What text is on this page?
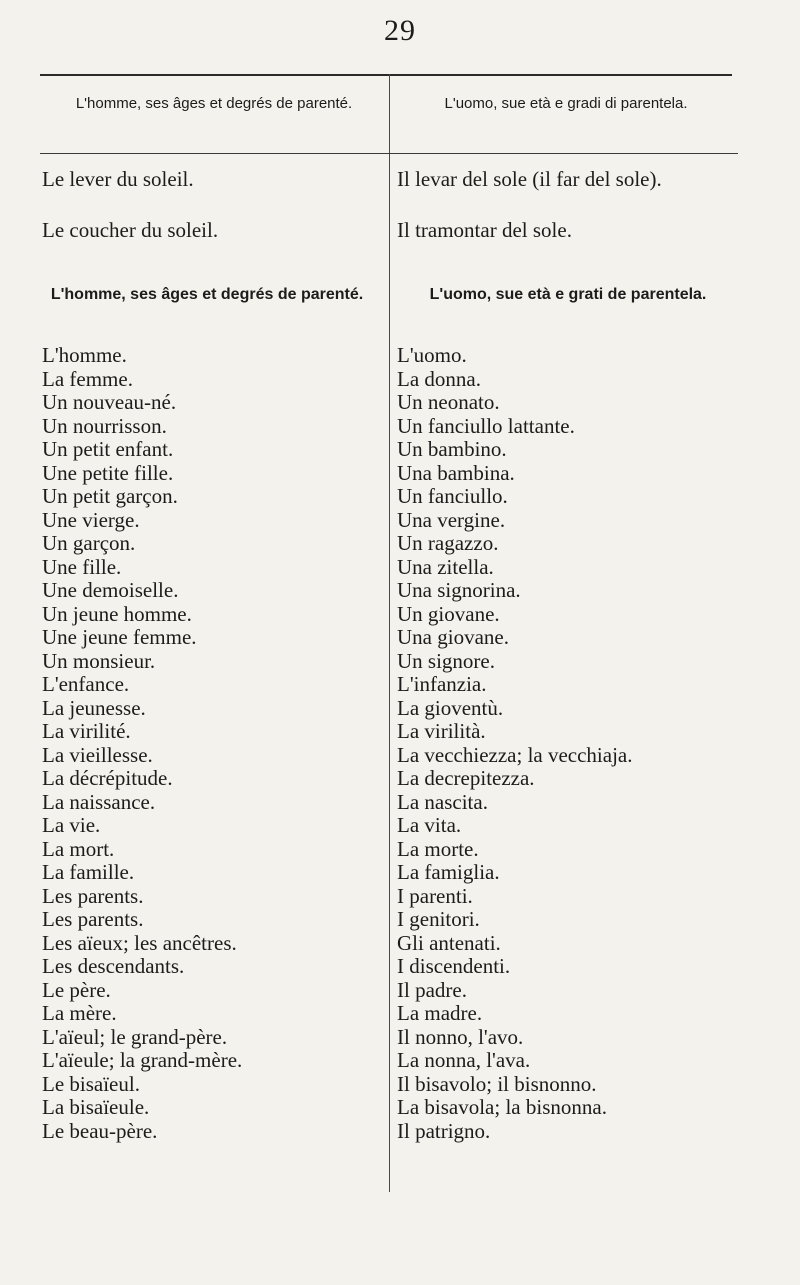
29
L'homme, ses âges et degrés de parenté.	L'uomo, sue età e gradi di parentela.
Le lever du soleil.
Le coucher du soleil.
Il levar del sole (il far del sole).
Il tramontar del sole.
L'homme, ses âges et degrés de parenté.	L'uomo, sue età e grati de parentela.
L'homme.
La femme.
Un nouveau-né.
Un nourrisson.
Un petit enfant.
Une petite fille.
Un petit garçon.
Une vierge.
Un garçon.
Une fille.
Une demoiselle.
Un jeune homme.
Une jeune femme.
Un monsieur.
L'enfance.
La jeunesse.
La virilité.
La vieillesse.
La décrépitude.
La naissance.
La vie.
La mort.
La famille.
Les parents.
Les parents.
Les aïeux; les ancêtres.
Les descendants.
Le père.
La mère.
L'aïeul; le grand-père.
L'aïeule; la grand-mère.
Le bisaïeul.
La bisaïeule.
Le beau-père.
L'uomo.
La donna.
Un neonato.
Un fanciullo lattante.
Un bambino.
Una bambina.
Un fanciullo.
Una vergine.
Un ragazzo.
Una zitella.
Una signorina.
Un giovane.
Una giovane.
Un signore.
L'infanzia.
La gioventù.
La virilità.
La vecchiezza; la vecchiaja.
La decrepitezza.
La nascita.
La vita.
La morte.
La famiglia.
I parenti.
I genitori.
Gli antenati.
I discendenti.
Il padre.
La madre.
Il nonno, l'avo.
La nonna, l'ava.
Il bisavolo; il bisnonno.
La bisavola; la bisnonna.
Il patrigno.
